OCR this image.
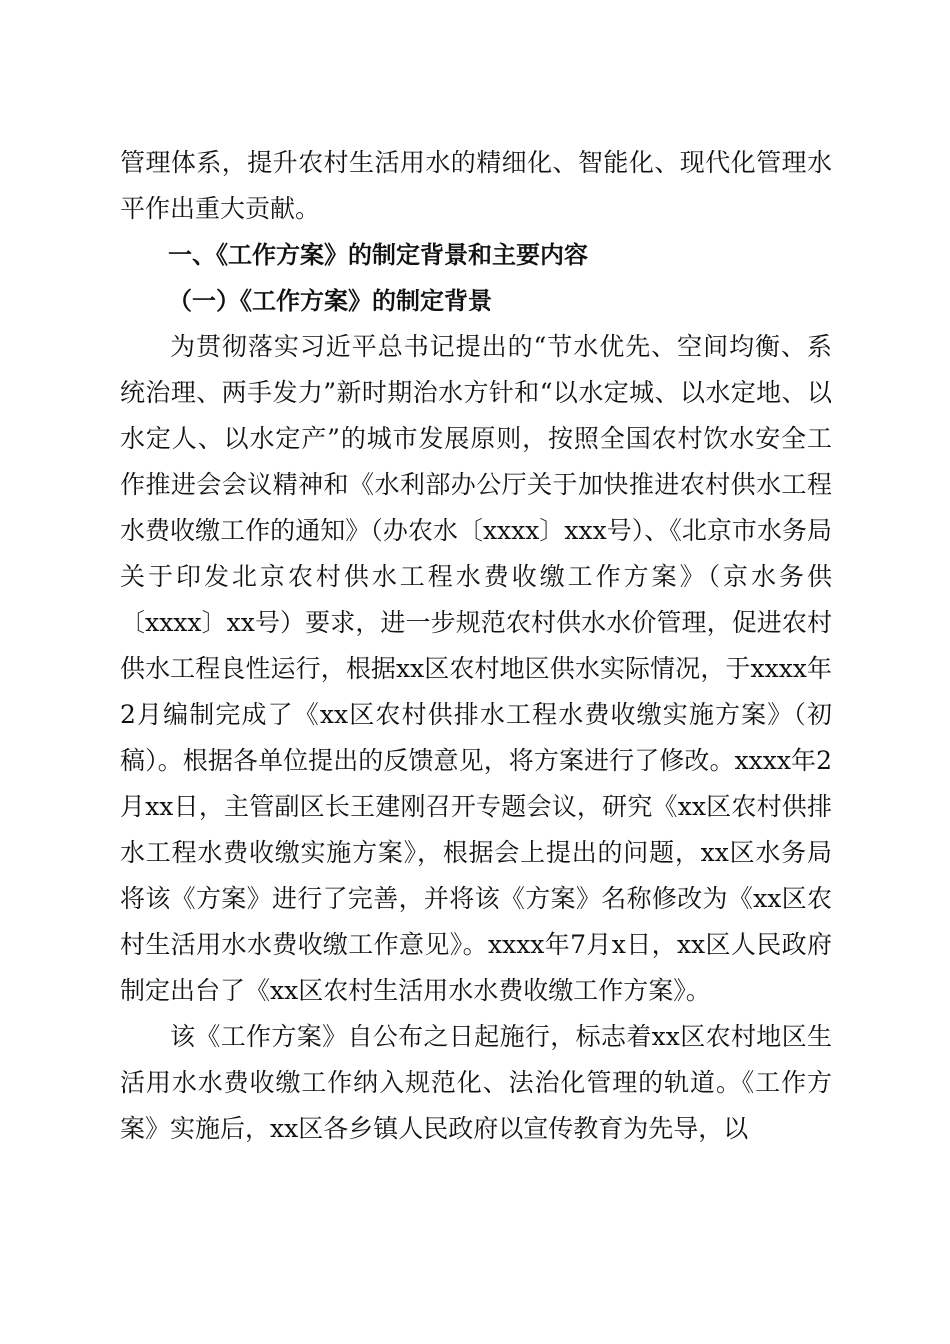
管理体系，提升农村生活用水的精细化、智能化、现代化管理水平作出重大贡献。

一、《工作方案》的制定背景和主要内容
（一）《工作方案》的制定背景

为贯彻落实习近平总书记提出的“节水优先、空间均衡、系统治理、两手发力”新时期治水方针和“以水定城、以水定地、以水定人、以水定产”的城市发展原则，按照全国农村饮水安全工作推进会会议精神和《水利部办公厅关于加快推进农村供水工程水费收缴工作的通知》（办农水〔xxxx〕xxx号）、《北京市水务局关于印发北京农村供水工程水费收缴工作方案》（京水务供〔xxxx〕xx号）要求，进一步规范农村供水水价管理，促进农村供水工程良性运行，根据xx区农村地区供水实际情况，于xxxx年2月编制完成了《xx区农村供排水工程水费收缴实施方案》（初稿）。根据各单位提出的反馈意见，将方案进行了修改。xxxx年2月xx日，主管副区长王建刚召开专题会议，研究《xx区农村供排水工程水费收缴实施方案》，根据会上提出的问题，xx区水务局将该《方案》进行了完善，并将该《方案》名称修改为《xx区农村生活用水水费收缴工作意见》。xxxx年7月x日，xx区人民政府制定出台了《xx区农村生活用水水费收缴工作方案》。

该《工作方案》自公布之日起施行，标志着xx区农村地区生活用水水费收缴工作纳入规范化、法治化管理的轨道。《工作方案》实施后，xx区各乡镇人民政府以宣传教育为先导，以
